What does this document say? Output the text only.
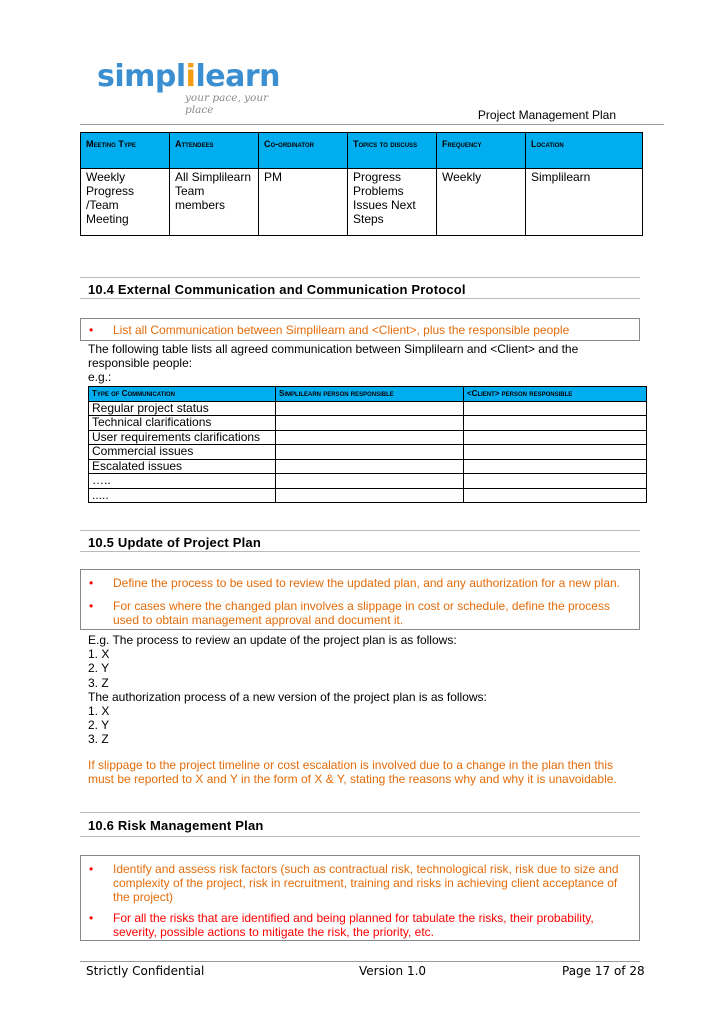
simplilearn
your pace, your place	Project Management Plan
Meeting Type	Attendees	Co-ordinator	Topics to discuss	Frequency	Location
Weekly Progress /Team Meeting	All Simplilearn Team members	PM	Progress Problems Issues Next Steps	Weekly	Simplilearn
10.4 External Communication and Communication Protocol
• List all Communication between Simplilearn and <Client>, plus the responsible people
The following table lists all agreed communication between Simplilearn and <Client> and the responsible people:
e.g.:
Type of Communication	Simplilearn person responsible	<Client> person responsible
Regular project status		
Technical clarifications		
User requirements clarifications		
Commercial issues		
Escalated issues		
…..		
.....		
10.5 Update of Project Plan
• Define the process to be used to review the updated plan, and any authorization for a new plan.
• For cases where the changed plan involves a slippage in cost or schedule, define the process used to obtain management approval and document it.
E.g. The process to review an update of the project plan is as follows:
1. X
2. Y
3. Z
The authorization process of a new version of the project plan is as follows:
1. X
2. Y
3. Z
If slippage to the project timeline or cost escalation is involved due to a change in the plan then this must be reported to X and Y in the form of X & Y, stating the reasons why and why it is unavoidable.
10.6 Risk Management Plan
• Identify and assess risk factors (such as contractual risk, technological risk, risk due to size and complexity of the project, risk in recruitment, training and risks in achieving client acceptance of the project)
• For all the risks that are identified and being planned for tabulate the risks, their probability, severity, possible actions to mitigate the risk, the priority, etc.
Strictly Confidential	Version 1.0	Page 17 of 28
